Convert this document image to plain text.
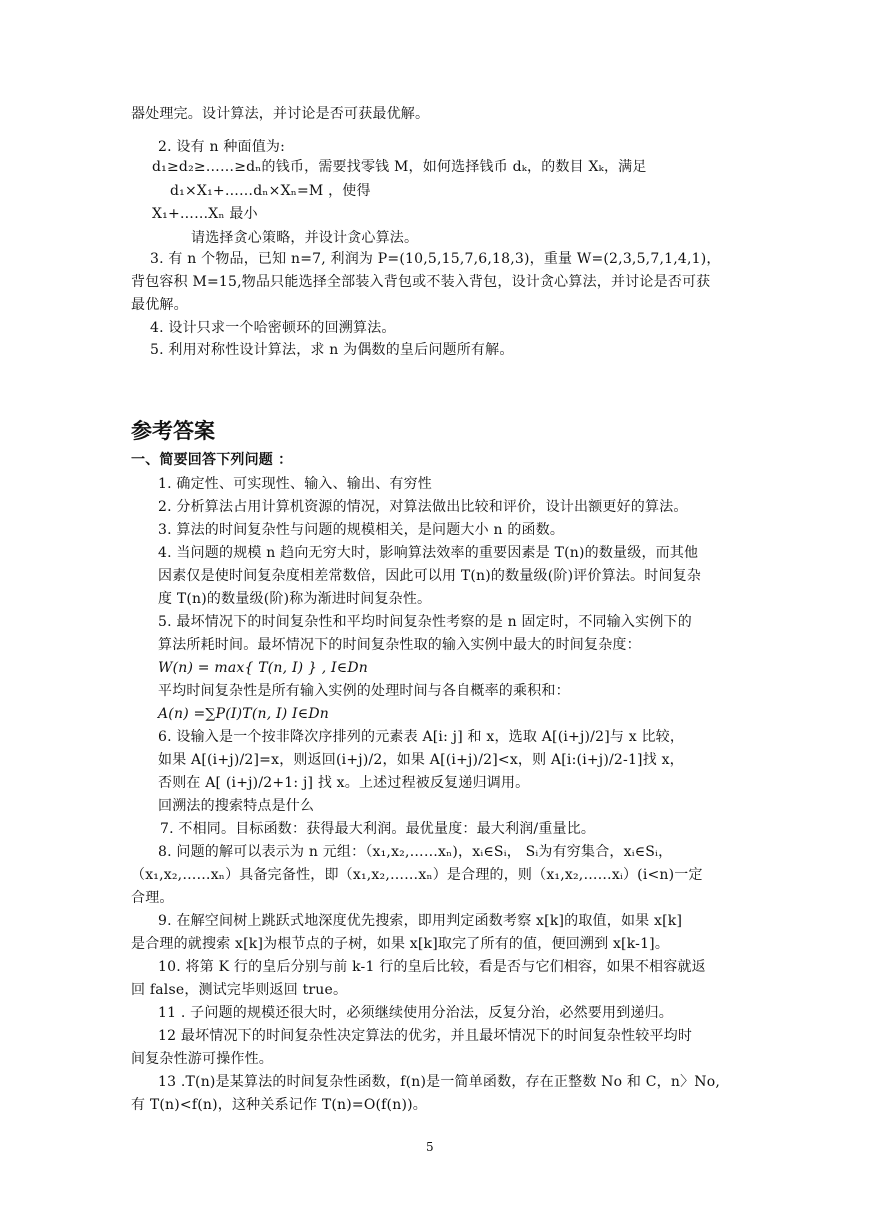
器处理完。设计算法，并讨论是否可获最优解。
2. 设有 n 种面值为:
d₁≥d₂≥……≥dₙ的钱币，需要找零钱 M，如何选择钱币 dₖ，的数目 Xₖ，满足
d₁×X₁+……dₙ×Xₙ=M ，使得
X₁+……Xₙ 最小
请选择贪心策略，并设计贪心算法。
3. 有 n 个物品，已知 n=7, 利润为 P=(10,5,15,7,6,18,3)，重量 W=(2,3,5,7,1,4,1)，
背包容积 M=15,物品只能选择全部装入背包或不装入背包，设计贪心算法，并讨论是否可获
最优解。
4. 设计只求一个哈密顿环的回溯算法。
5. 利用对称性设计算法，求 n 为偶数的皇后问题所有解。
参考答案
一、简要回答下列问题 ：
1. 确定性、可实现性、输入、输出、有穷性
2. 分析算法占用计算机资源的情况，对算法做出比较和评价，设计出额更好的算法。
3. 算法的时间复杂性与问题的规模相关，是问题大小 n 的函数。
4. 当问题的规模 n 趋向无穷大时，影响算法效率的重要因素是 T(n)的数量级，而其他
因素仅是使时间复杂度相差常数倍，因此可以用 T(n)的数量级(阶)评价算法。时间复杂
度 T(n)的数量级(阶)称为渐进时间复杂性。
5. 最坏情况下的时间复杂性和平均时间复杂性考察的是 n 固定时，不同输入实例下的
算法所耗时间。最坏情况下的时间复杂性取的输入实例中最大的时间复杂度：
W(n) = max{ T(n, I) } , I∈Dn
平均时间复杂性是所有输入实例的处理时间与各自概率的乘积和：
A(n) =∑P(I)T(n, I) I∈Dn
6. 设输入是一个按非降次序排列的元素表 A[i: j] 和 x，选取 A[(i+j)/2]与 x 比较，
如果 A[(i+j)/2]=x，则返回(i+j)/2，如果 A[(i+j)/2]<x，则 A[i:(i+j)/2-1]找 x，
否则在 A[ (i+j)/2+1: j] 找 x。上述过程被反复递归调用。
回溯法的搜索特点是什么
7. 不相同。目标函数：获得最大利润。最优量度：最大利润/重量比。
8. 问题的解可以表示为 n 元组：（x₁,x₂,……xₙ)，xᵢ∈Sᵢ， Sᵢ为有穷集合，xᵢ∈Sᵢ，
（x₁,x₂,……xₙ）具备完备性，即（x₁,x₂,……xₙ）是合理的，则（x₁,x₂,……xᵢ）(i<n)一定
合理。
9. 在解空间树上跳跃式地深度优先搜索，即用判定函数考察 x[k]的取值，如果 x[k]
是合理的就搜索 x[k]为根节点的子树，如果 x[k]取完了所有的值，便回溯到 x[k-1]。
10. 将第 K 行的皇后分别与前 k-1 行的皇后比较，看是否与它们相容，如果不相容就返
回 false，测试完毕则返回 true。
11 . 子问题的规模还很大时，必须继续使用分治法，反复分治，必然要用到递归。
12 最坏情况下的时间复杂性决定算法的优劣，并且最坏情况下的时间复杂性较平均时
间复杂性游可操作性。
13 .T(n)是某算法的时间复杂性函数，f(n)是一简单函数，存在正整数 No 和 C，n〉No,
有 T(n)<f(n)，这种关系记作 T(n)=O(f(n))。
5
